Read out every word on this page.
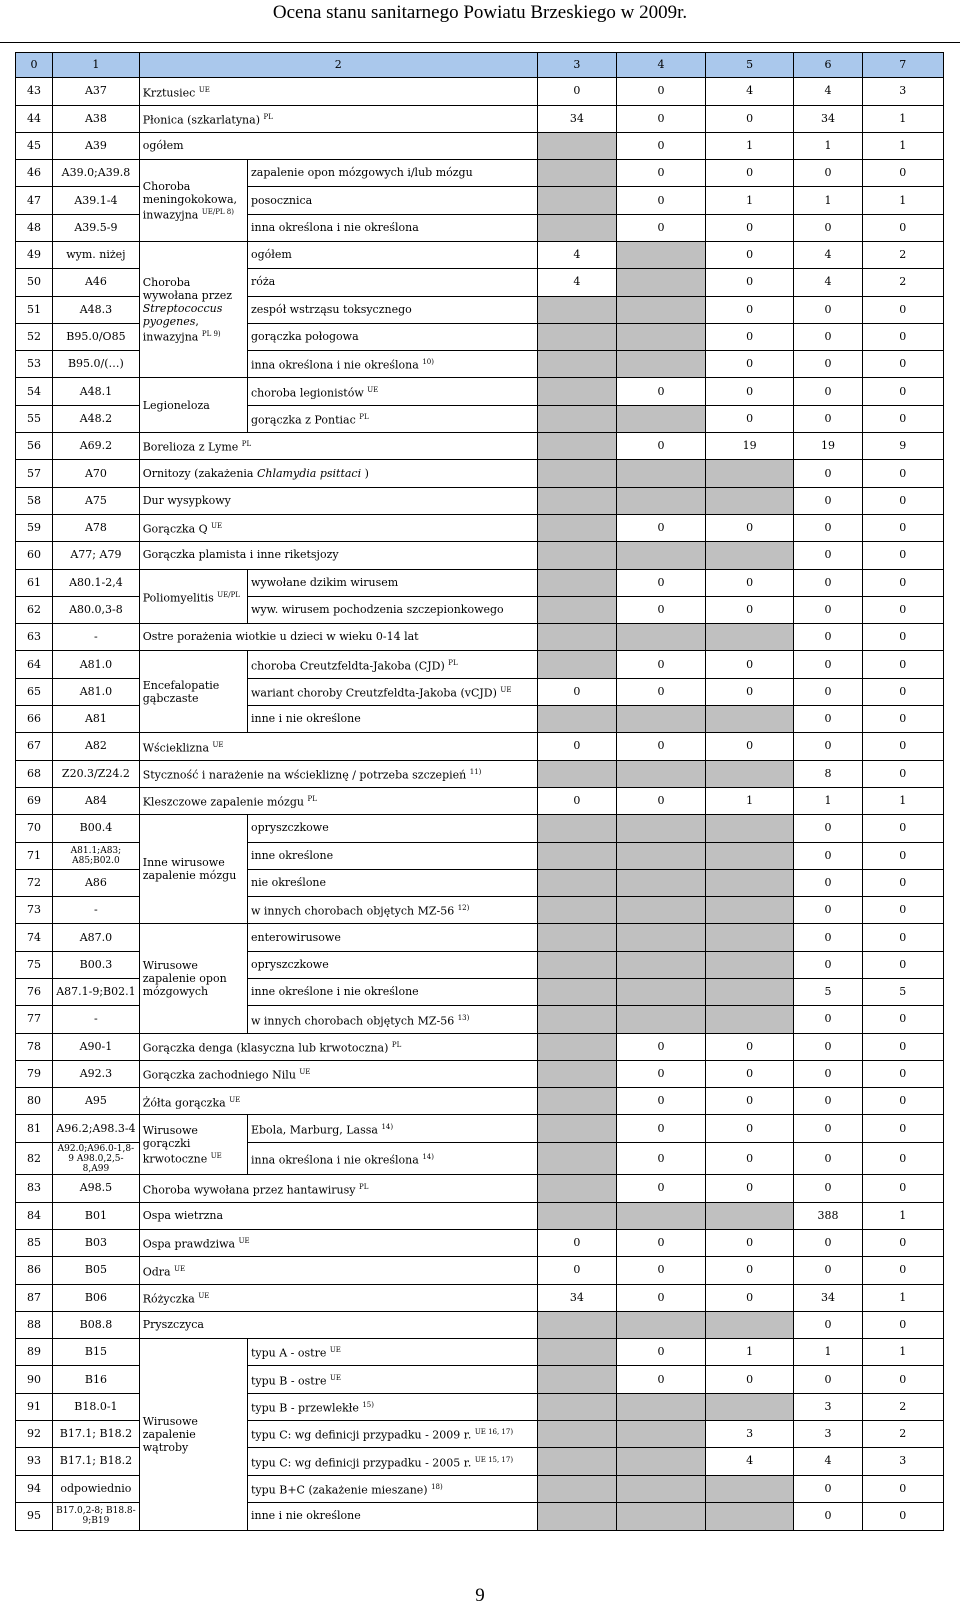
Ocena stanu sanitarnego Powiatu Brzeskiego w 2009r.
0	1	2		3	4	5	6	7
43	A37	Krztusiec $^{UE}$		0	0	4	4	3
44	A38	Płonica (szkarlatyna) $^{PL}$		34	0	0	34	1
45	A39	ogółem			0	1	1	1
46	A39.0;A39.8	Choroba meningokokowa, inwazyjna $^{UE/PL 8)}$	zapalenie opon mózgowych i/lub mózgu		0	0	0	0
47	A39.1-4		posocznica		0	1	1	1
48	A39.5-9		inna określona i nie określona		0	0	0	0
49	wym. niżej	Choroba wywołana przez Streptococcus pyogenes, inwazyjna $^{PL 9)}$	ogółem	4		0	4	2
50	A46		róża	4		0	4	2
51	A48.3		zespół wstrząsu toksycznego			0	0	0
52	B95.0/O85		gorączka połogowa			0	0	0
53	B95.0/(…)		inna określona i nie określona $^{10)}$			0	0	0
54	A48.1	Legioneloza	choroba legionistów $^{UE}$		0	0	0	0
55	A48.2		gorączka z Pontiac $^{PL}$			0	0	0
56	A69.2	Borelioza z Lyme $^{PL}$			0	19	19	9
57	A70	Ornitozy (zakażenia Chlamydia psittaci )					0	0
58	A75	Dur wysypkowy					0	0
59	A78	Gorączka Q $^{UE}$			0	0	0	0
60	A77; A79	Gorączka plamista i inne riketsjozy					0	0
61	A80.1-2,4	Poliomyelitis $^{UE/PL}$	wywołane dzikim wirusem		0	0	0	0
62	A80.0,3-8		wyw. wirusem pochodzenia szczepionkowego		0	0	0	0
63	-	Ostre porażenia wiotkie u dzieci w wieku 0-14 lat					0	0
64	A81.0	Encefalopatie gąbczaste	choroba Creutzfeldta-Jakoba (CJD) $^{PL}$		0	0	0	0
65	A81.0		wariant choroby Creutzfeldta-Jakoba (vCJD) $^{UE}$	0	0	0	0	0
66	A81		inne i nie określone				0	0
67	A82	Wścieklizna $^{UE}$		0	0	0	0	0
68	Z20.3/Z24.2	Styczność i narażenie na wściekliznę / potrzeba szczepień $^{11)}$					8	0
69	A84	Kleszczowe zapalenie mózgu $^{PL}$		0	0	1	1	1
70	B00.4	Inne wirusowe zapalenie mózgu	opryszczkowe				0	0
71	A81.1;A83; A85;B02.0		inne określone				0	0
72	A86		nie określone				0	0
73	-		w innych chorobach objętych MZ-56 $^{12)}$				0	0
74	A87.0	Wirusowe zapalenie opon mózgowych	enterowirusowe				0	0
75	B00.3		opryszczkowe				0	0
76	A87.1-9;B02.1		inne określone i nie określone				5	5
77	-		w innych chorobach objętych MZ-56 $^{13)}$				0	0
78	A90-1	Gorączka denga (klasyczna lub krwotoczna) $^{PL}$			0	0	0	0
79	A92.3	Gorączka zachodniego Nilu $^{UE}$			0	0	0	0
80	A95	Żółta gorączka $^{UE}$			0	0	0	0
81	A96.2;A98.3-4	Wirusowe gorączki krwotoczne $^{UE}$	Ebola, Marburg, Lassa $^{14)}$		0	0	0	0
82	A92.0;A96.0-1,8-9 A98.0,2,5-8,A99		inna określona i nie określona $^{14)}$		0	0	0	0
83	A98.5	Choroba wywołana przez hantawirusy $^{PL}$			0	0	0	0
84	B01	Ospa wietrzna					388	1
85	B03	Ospa prawdziwa $^{UE}$		0	0	0	0	0
86	B05	Odra $^{UE}$		0	0	0	0	0
87	B06	Różyczka $^{UE}$		34	0	0	34	1
88	B08.8	Pryszczyca					0	0
89	B15	Wirusowe zapalenie wątroby	typu A - ostre $^{UE}$		0	1	1	1
90	B16		typu B - ostre $^{UE}$		0	0	0	0
91	B18.0-1		typu B - przewlekłe $^{15)}$				3	2
92	B17.1; B18.2		typu C: wg definicji przypadku - 2009 r. $^{UE 16, 17)}$			3	3	2
93	B17.1; B18.2		typu C: wg definicji przypadku - 2005 r. $^{UE 15, 17)}$			4	4	3
94	odpowiednio		typu B+C (zakażenie mieszane) $^{18)}$				0	0
95	B17.0,2-8; B18.8-9;B19		inne i nie określone				0	0
9
